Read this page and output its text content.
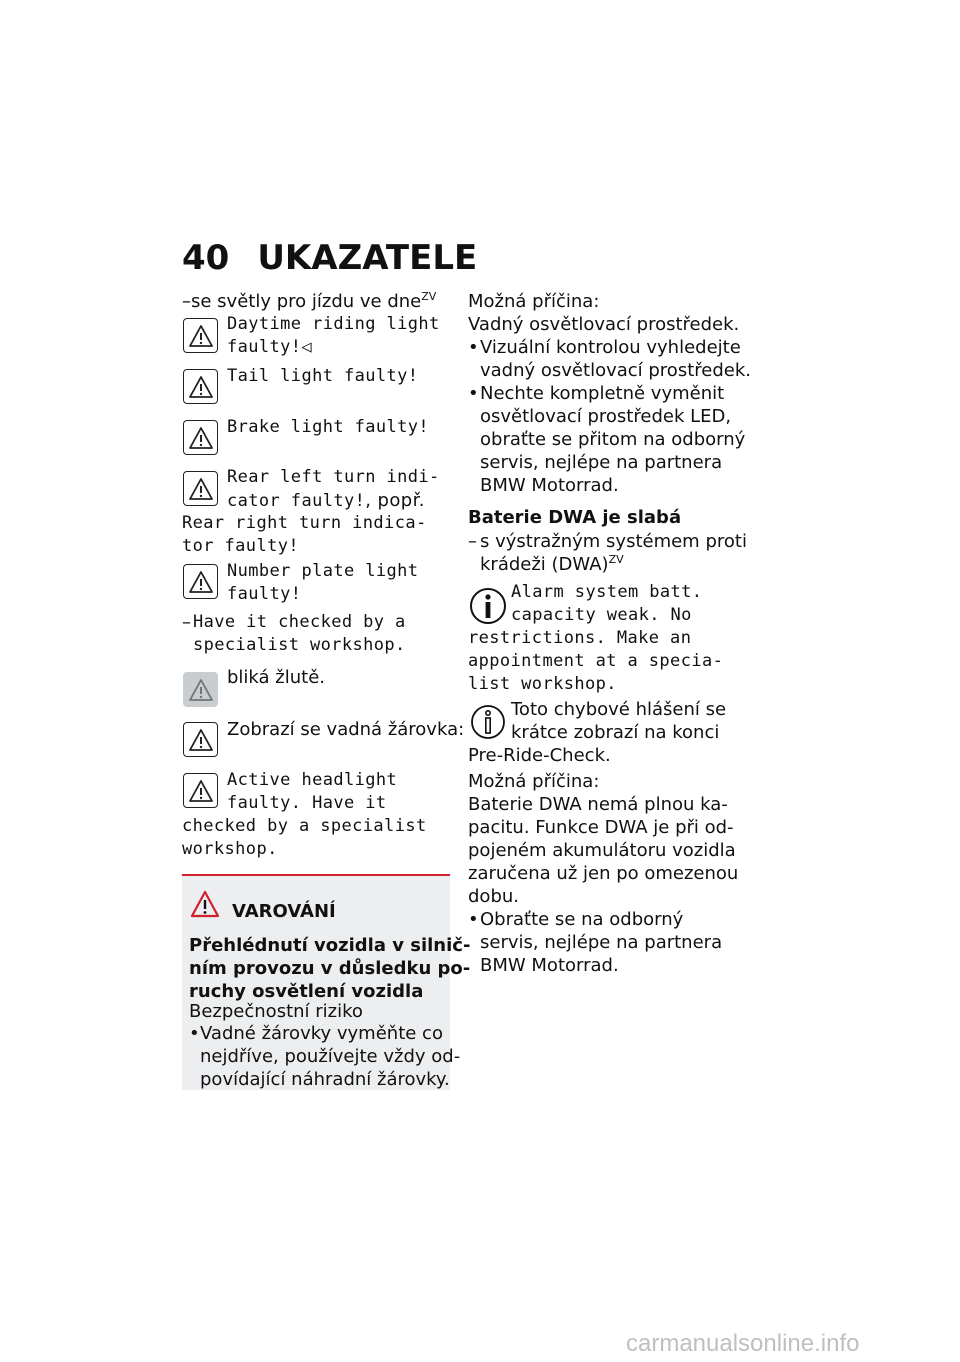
40 UKAZATELE
–se světly pro jízdu ve dne$^{ZV}$
Daytime riding light
faulty!◁
Tail light faulty!
Brake light faulty!
Rear left turn indi-
cator faulty!, popř.
Rear right turn indica-
tor faulty!
Number plate light
faulty!
– Have it checked by a
specialist workshop.
bliká žlutě.
Zobrazí se vadná žárovka:
Active headlight
faulty. Have it
checked by a specialist
workshop.
VAROVÁNÍ
Přehlédnutí vozidla v silnič-
ním provozu v důsledku po-
ruchy osvětlení vozidla
Bezpečnostní riziko
• Vadné žárovky vyměňte co
nejdříve, používejte vždy od-
povídající náhradní žárovky.
Možná příčina:
Vadný osvětlovací prostředek.
• Vizuální kontrolou vyhledejte
vadný osvětlovací prostředek.
• Nechte kompletně vyměnit
osvětlovací prostředek LED,
obraťte se přitom na odborný
servis, nejlépe na partnera
BMW Motorrad.
Baterie DWA je slabá
– s výstražným systémem proti
krádeži (DWA)$^{ZV}$
Alarm system batt.
capacity weak. No
restrictions. Make an
appointment at a specia-
list workshop.
Toto chybové hlášení se
krátce zobrazí na konci
Pre-Ride-Check.
Možná příčina:
Baterie DWA nemá plnou ka-
pacitu. Funkce DWA je při od-
pojeném akumulátoru vozidla
zaručena už jen po omezenou
dobu.
• Obraťte se na odborný
servis, nejlépe na partnera
BMW Motorrad.
carmanualsonline.info
